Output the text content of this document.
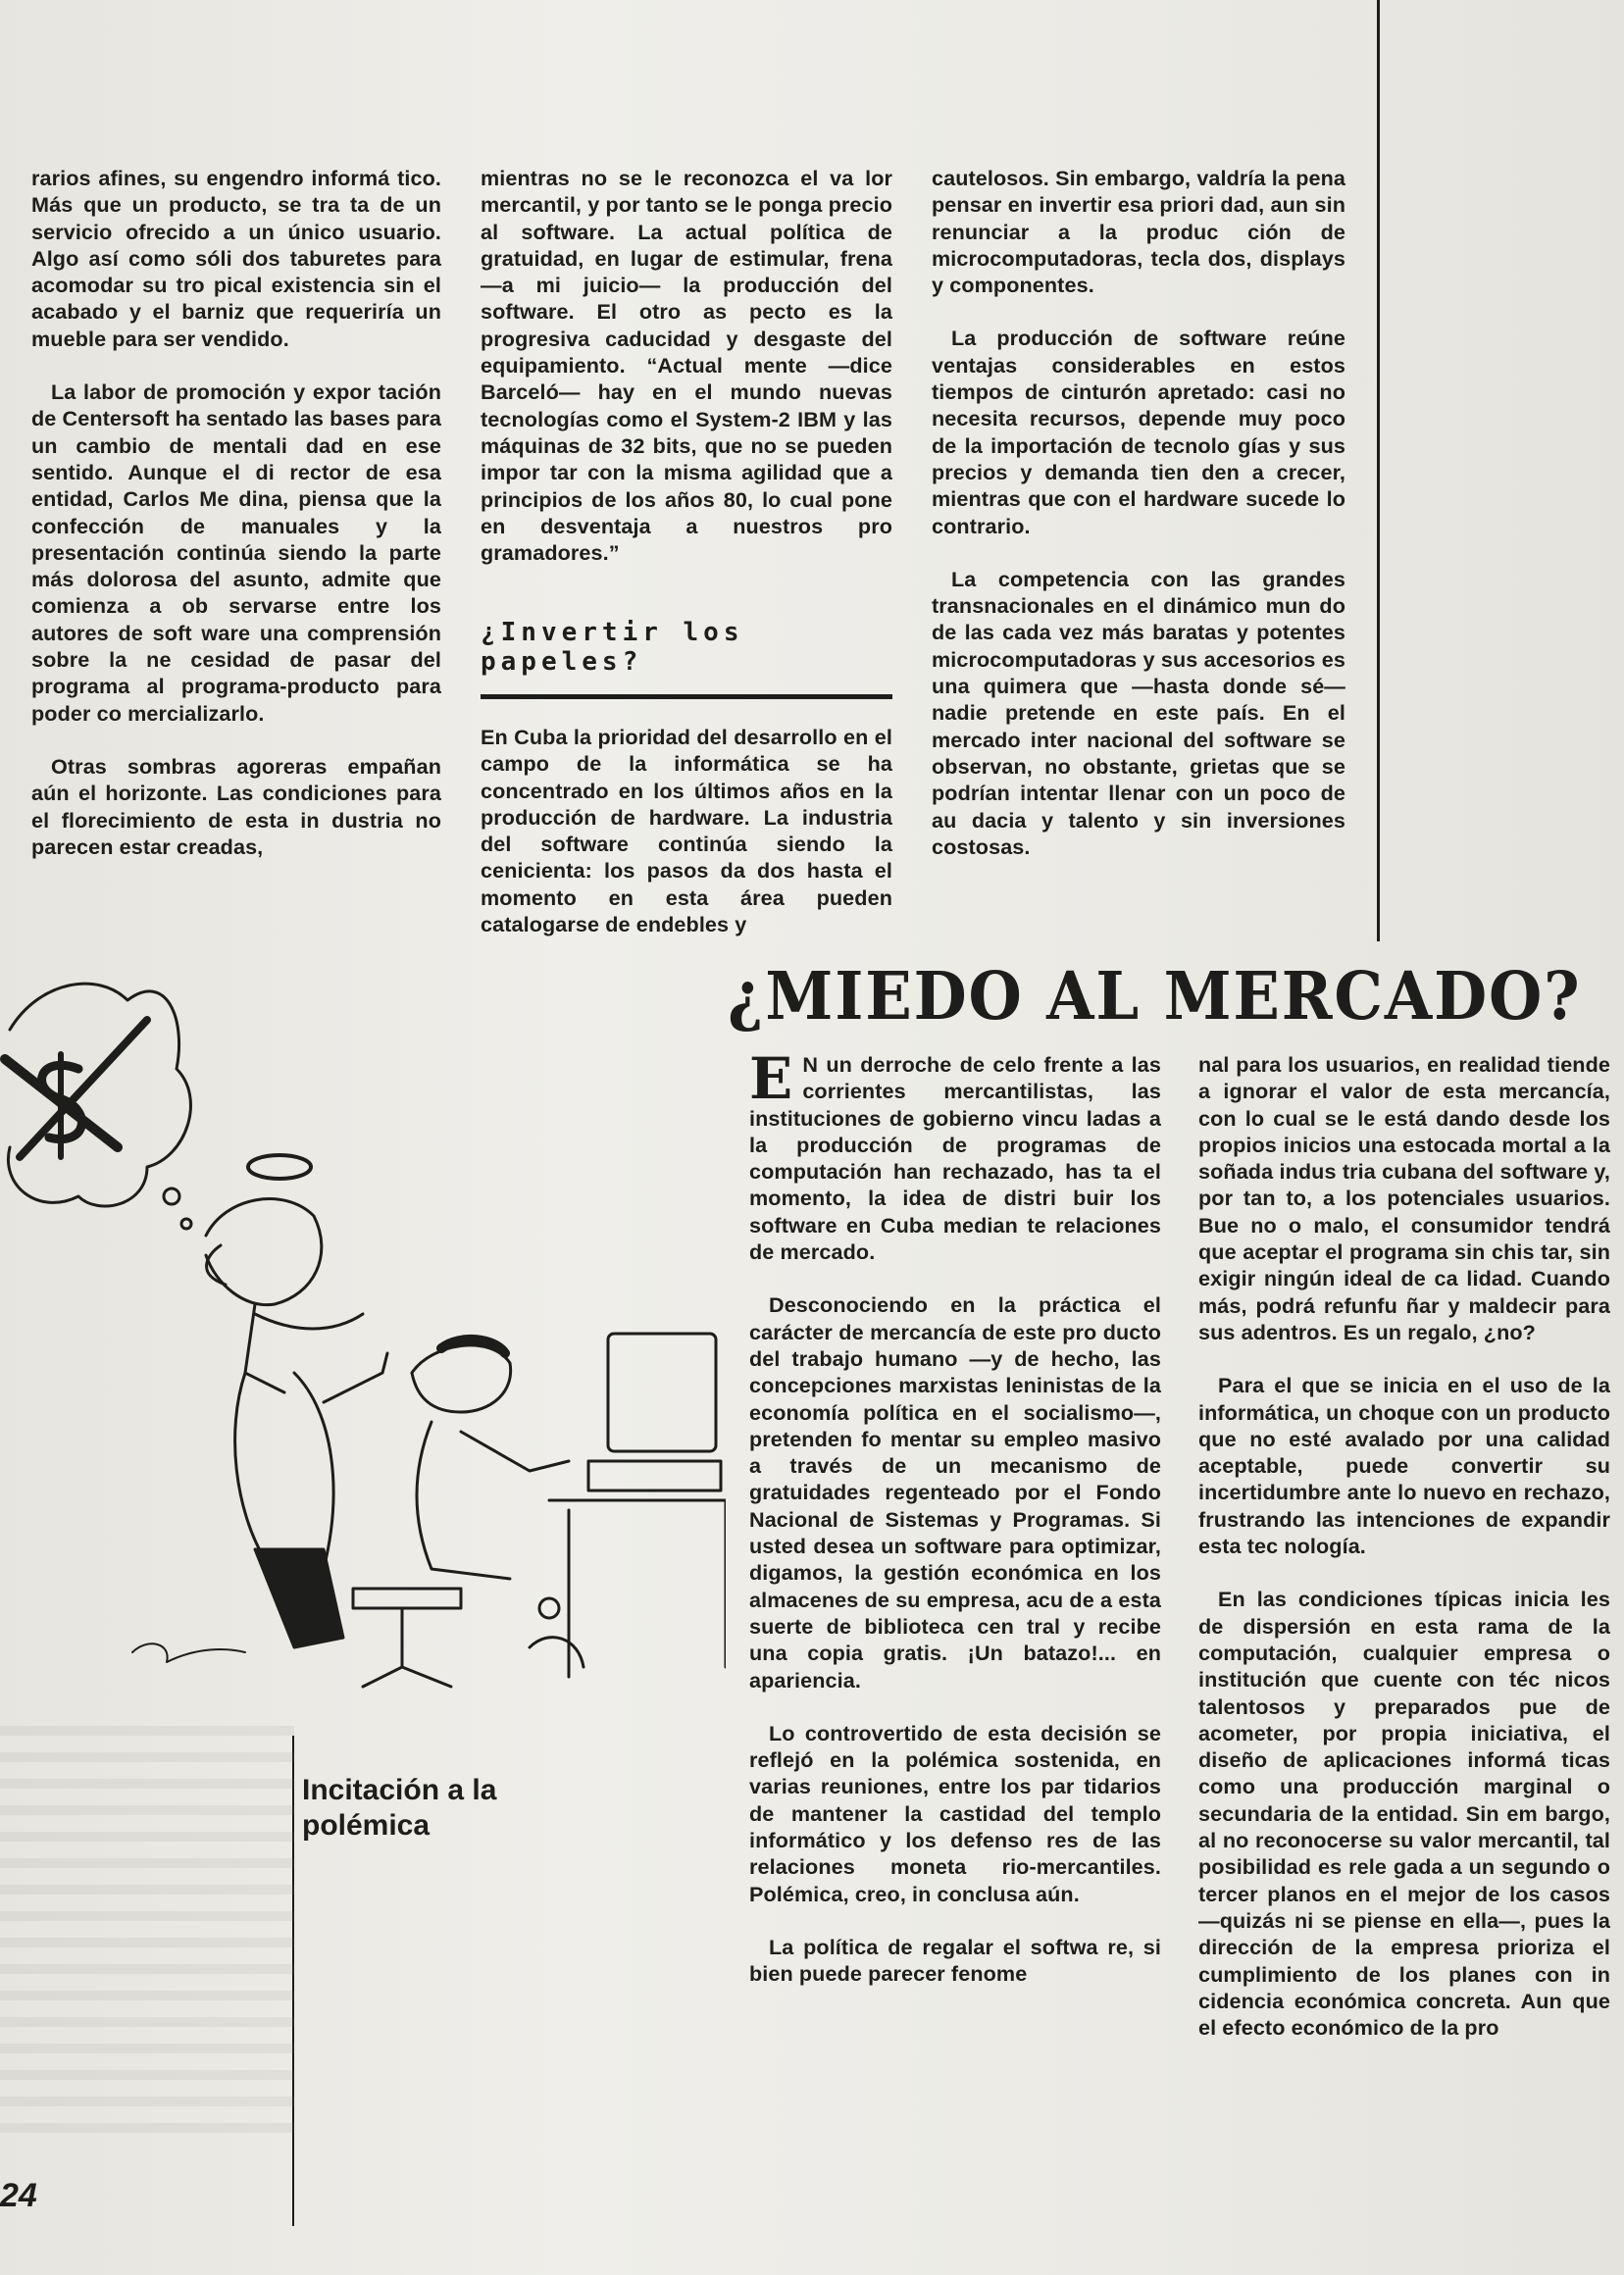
rarios afines, su engendro informá tico. Más que un producto, se tra ta de un servicio ofrecido a un único usuario. Algo así como sóli dos taburetes para acomodar su tro pical existencia sin el acabado y el barniz que requeriría un mueble para ser vendido.

La labor de promoción y expor tación de Centersoft ha sentado las bases para un cambio de mentali dad en ese sentido. Aunque el di rector de esa entidad, Carlos Me dina, piensa que la confección de manuales y la presentación continúa siendo la parte más dolorosa del asunto, admite que comienza a ob servarse entre los autores de soft ware una comprensión sobre la ne cesidad de pasar del programa al programa-producto para poder co mercializarlo.

Otras sombras agoreras empañan aún el horizonte. Las condiciones para el florecimiento de esta in dustria no parecen estar creadas,

mientras no se le reconozca el va lor mercantil, y por tanto se le ponga precio al software. La actual política de gratuidad, en lugar de estimular, frena —a mi juicio— la producción del software. El otro as pecto es la progresiva caducidad y desgaste del equipamiento. “Actual mente —dice Barceló— hay en el mundo nuevas tecnologías como el System-2 IBM y las máquinas de 32 bits, que no se pueden impor tar con la misma agilidad que a principios de los años 80, lo cual pone en desventaja a nuestros pro gramadores.”

¿Invertir los papeles?

En Cuba la prioridad del desarrollo en el campo de la informática se ha concentrado en los últimos años en la producción de hardware. La industria del software continúa siendo la cenicienta: los pasos da dos hasta el momento en esta área pueden catalogarse de endebles y

cautelosos. Sin embargo, valdría la pena pensar en invertir esa priori dad, aun sin renunciar a la produc ción de microcomputadoras, tecla dos, displays y componentes.

La producción de software reúne ventajas considerables en estos tiempos de cinturón apretado: casi no necesita recursos, depende muy poco de la importación de tecnolo gías y sus precios y demanda tien den a crecer, mientras que con el hardware sucede lo contrario.

La competencia con las grandes transnacionales en el dinámico mun do de las cada vez más baratas y potentes microcomputadoras y sus accesorios es una quimera que —hasta donde sé— nadie pretende en este país. En el mercado inter nacional del software se observan, no obstante, grietas que se podrían intentar llenar con un poco de au dacia y talento y sin inversiones costosas.

¿MIEDO AL MERCADO?
Incitación a la polémica

E N un derroche de celo frente a las corrientes mercantilistas, las instituciones de gobierno vincu ladas a la producción de programas de computación han rechazado, has ta el momento, la idea de distri buir los software en Cuba median te relaciones de mercado.

Desconociendo en la práctica el carácter de mercancía de este pro ducto del trabajo humano —y de hecho, las concepciones marxistas leninistas de la economía política en el socialismo—, pretenden fo mentar su empleo masivo a través de un mecanismo de gratuidades regenteado por el Fondo Nacional de Sistemas y Programas. Si usted desea un software para optimizar, digamos, la gestión económica en los almacenes de su empresa, acu de a esta suerte de biblioteca cen tral y recibe una copia gratis. ¡Un batazo!... en apariencia.

Lo controvertido de esta decisión se reflejó en la polémica sostenida, en varias reuniones, entre los par tidarios de mantener la castidad del templo informático y los defenso res de las relaciones moneta rio-mercantiles. Polémica, creo, in conclusa aún.

La política de regalar el softwa re, si bien puede parecer fenome

nal para los usuarios, en realidad tiende a ignorar el valor de esta mercancía, con lo cual se le está dando desde los propios inicios una estocada mortal a la soñada indus tria cubana del software y, por tan to, a los potenciales usuarios. Bue no o malo, el consumidor tendrá que aceptar el programa sin chis tar, sin exigir ningún ideal de ca lidad. Cuando más, podrá refunfu ñar y maldecir para sus adentros. Es un regalo, ¿no?

Para el que se inicia en el uso de la informática, un choque con un producto que no esté avalado por una calidad aceptable, puede convertir su incertidumbre ante lo nuevo en rechazo, frustrando las intenciones de expandir esta tec nología.

En las condiciones típicas inicia les de dispersión en esta rama de la computación, cualquier empresa o institución que cuente con téc nicos talentosos y preparados pue de acometer, por propia iniciativa, el diseño de aplicaciones informá ticas como una producción marginal o secundaria de la entidad. Sin em bargo, al no reconocerse su valor mercantil, tal posibilidad es rele gada a un segundo o tercer planos en el mejor de los casos —quizás ni se piense en ella—, pues la dirección de la empresa prioriza el cumplimiento de los planes con in cidencia económica concreta. Aun que el efecto económico de la pro

24
